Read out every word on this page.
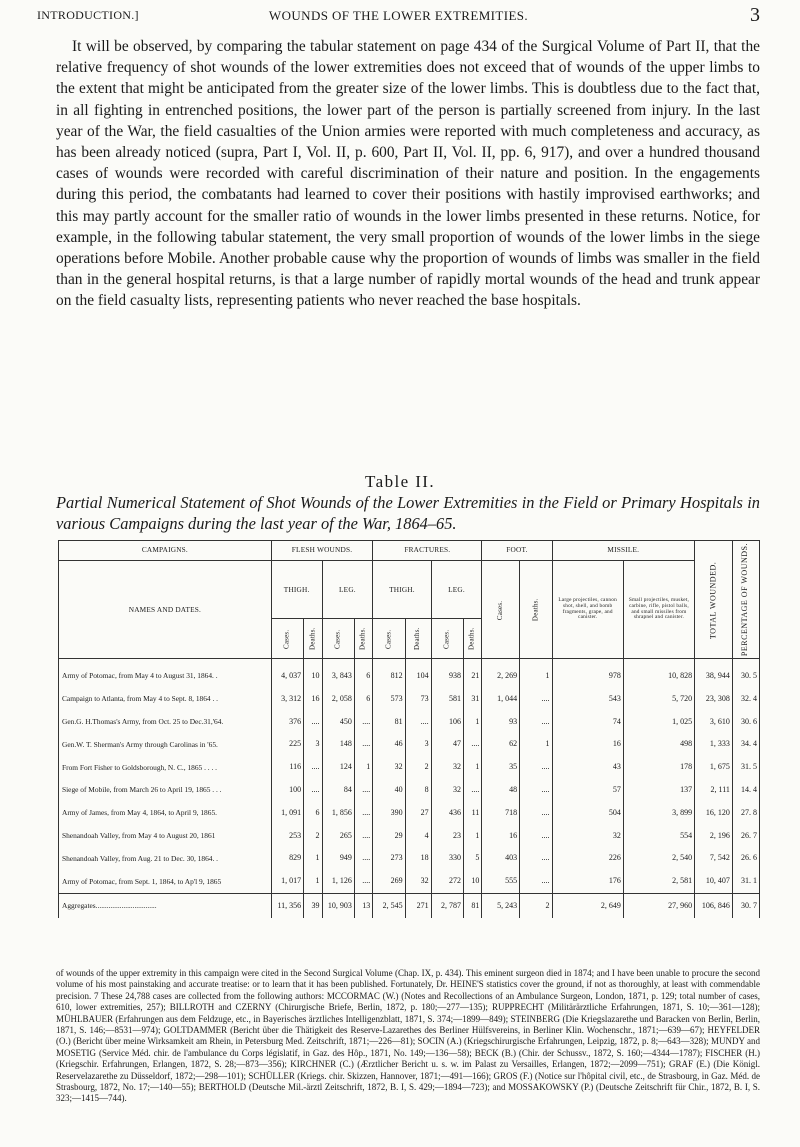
INTRODUCTION.]	WOUNDS OF THE LOWER EXTREMITIES.	3

It will be observed, by comparing the tabular statement on page 434 of the Surgical Volume of Part II, that the relative frequency of shot wounds of the lower extremities does not exceed that of wounds of the upper limbs to the extent that might be anticipated from the greater size of the lower limbs. This is doubtless due to the fact that, in all fighting in entrenched positions, the lower part of the person is partially screened from injury. In the last year of the War, the field casualties of the Union armies were reported with much completeness and accuracy, as has been already noticed (supra, Part I, Vol. II, p. 600, Part II, Vol. II, pp. 6, 917), and over a hundred thousand cases of wounds were recorded with careful discrimination of their nature and position. In the engagements during this period, the combatants had learned to cover their positions with hastily improvised earthworks; and this may partly account for the smaller ratio of wounds in the lower limbs presented in these returns. Notice, for example, in the following tabular statement, the very small proportion of wounds of the lower limbs in the siege operations before Mobile. Another probable cause why the proportion of wounds of limbs was smaller in the field than in the general hospital returns, is that a large number of rapidly mortal wounds of the head and trunk appear on the field casualty lists, representing patients who never reached the base hospitals.

Table II.

Partial Numerical Statement of Shot Wounds of the Lower Extremities in the Field or Primary Hospitals in various Campaigns during the last year of the War, 1864–65.

CAMPAIGNS.	FLESH WOUNDS.				FRACTURES.				FOOT.		MISSILE.		TOTAL WOUNDED.	PERCENTAGE OF WOUNDS.
NAMES AND DATES.	THIGH.		LEG.		THIGH.		LEG.		Cases.	Deaths.	Large projectiles, cannon shot, shell, and bomb fragments, grape, and canister.	Small projectiles, musket, carbine, rifle, pistol balls, and small missiles from shrapnel and canister.		
	Cases.	Deaths.	Cases.	Deaths.	Cases.	Deaths.	Cases.	Deaths.						

Army of Potomac, from May 4 to August 31, 1864. .	4, 037	10	3, 843	6	812	104	938	21	2, 269	1	978	10, 828	38, 944	30. 5
Campaign to Atlanta, from May 4 to Sept. 8, 1864 . .	3, 312	16	2, 058	6	573	73	581	31	1, 044	....	543	5, 720	23, 308	32. 4
Gen.G. H.Thomas's Army, from Oct. 25 to Dec.31,'64.	376	....	450	....	81	....	106	1	93	....	74	1, 025	3, 610	30. 6
Gen.W. T. Sherman's Army through Carolinas in '65.	225	3	148	....	46	3	47	....	62	1	16	498	1, 333	34. 4
From Fort Fisher to Goldsborough, N. C., 1865 . . . .	116	....	124	1	32	2	32	1	35	....	43	178	1, 675	31. 5
Siege of Mobile, from March 26 to April 19, 1865 . . .	100	....	84	....	40	8	32	....	48	....	57	137	2, 111	14. 4
Army of James, from May 4, 1864, to April 9, 1865.	1, 091	6	1, 856	....	390	27	436	11	718	....	504	3, 899	16, 120	27. 8
Shenandoah Valley, from May 4 to August 20, 1861	253	2	265	....	29	4	23	1	16	....	32	554	2, 196	26. 7
Shenandoah Valley, from Aug. 21 to Dec. 30, 1864. .	829	1	949	....	273	18	330	5	403	....	226	2, 540	7, 542	26. 6
Army of Potomac, from Sept. 1, 1864, to Ap'l 9, 1865	1, 017	1	1, 126	....	269	32	272	10	555	....	176	2, 581	10, 407	31. 1
Aggregates.................................	11, 356	39	10, 903	13	2, 545	271	2, 787	81	5, 243	2	2, 649	27, 960	106, 846	30. 7

of wounds of the upper extremity in this campaign were cited in the Second Surgical Volume (Chap. IX, p. 434). This eminent surgeon died in 1874; and I have been unable to procure the second volume of his most painstaking and accurate treatise: or to learn that it has been published. Fortunately, Dr. HEINE'S statistics cover the ground, if not as thoroughly, at least with commendable precision. 7 These 24,788 cases are collected from the following authors: MCCORMAC (W.) (Notes and Recollections of an Ambulance Surgeon, London, 1871, p. 129; total number of cases, 610, lower extremities, 257); BILLROTH and CZERNY (Chirurgische Briefe, Berlin, 1872, p. 180;—277—135); RUPPRECHT (Militärärztliche Erfahrungen, 1871, S. 10;—361—128); MÜHLBAUER (Erfahrungen aus dem Feldzuge, etc., in Bayerisches ärztliches Intelligenzblatt, 1871, S. 374;—1899—849); STEINBERG (Die Kriegslazarethe und Baracken von Berlin, Berlin, 1871, S. 146;—8531—974); GOLTDAMMER (Bericht über die Thätigkeit des Reserve-Lazarethes des Berliner Hülfsvereins, in Berliner Klin. Wochenschr., 1871;—639—67); HEYFELDER (O.) (Bericht über meine Wirksamkeit am Rhein, in Petersburg Med. Zeitschrift, 1871;—226—81); SOCIN (A.) (Kriegschirurgische Erfahrungen, Leipzig, 1872, p. 8;—643—328); MUNDY and MOSETIG (Service Méd. chir. de l'ambulance du Corps législatif, in Gaz. des Hôp., 1871, No. 149;—136—58); BECK (B.) (Chir. der Schussv., 1872, S. 160;—4344—1787); FISCHER (H.) (Kriegschir. Erfahrungen, Erlangen, 1872, S. 28;—873—356); KIRCHNER (C.) (Ærztlicher Bericht u. s. w. im Palast zu Versailles, Erlangen, 1872;—2099—751); GRAF (E.) (Die Königl. Reservelazarethe zu Düsseldorf, 1872;—298—101); SCHÜLLER (Kriegs. chir. Skizzen, Hannover, 1871;—491—166); GROS (F.) (Notice sur l'hôpital civil, etc., de Strasbourg, in Gaz. Méd. de Strasbourg, 1872, No. 17;—140—55); BERTHOLD (Deutsche Mil.-ärztl Zeitschrift, 1872, B. I, S. 429;—1894—723); and MOSSAKOWSKY (P.) (Deutsche Zeitschrift für Chir., 1872, B. I, S. 323;—1415—744).
